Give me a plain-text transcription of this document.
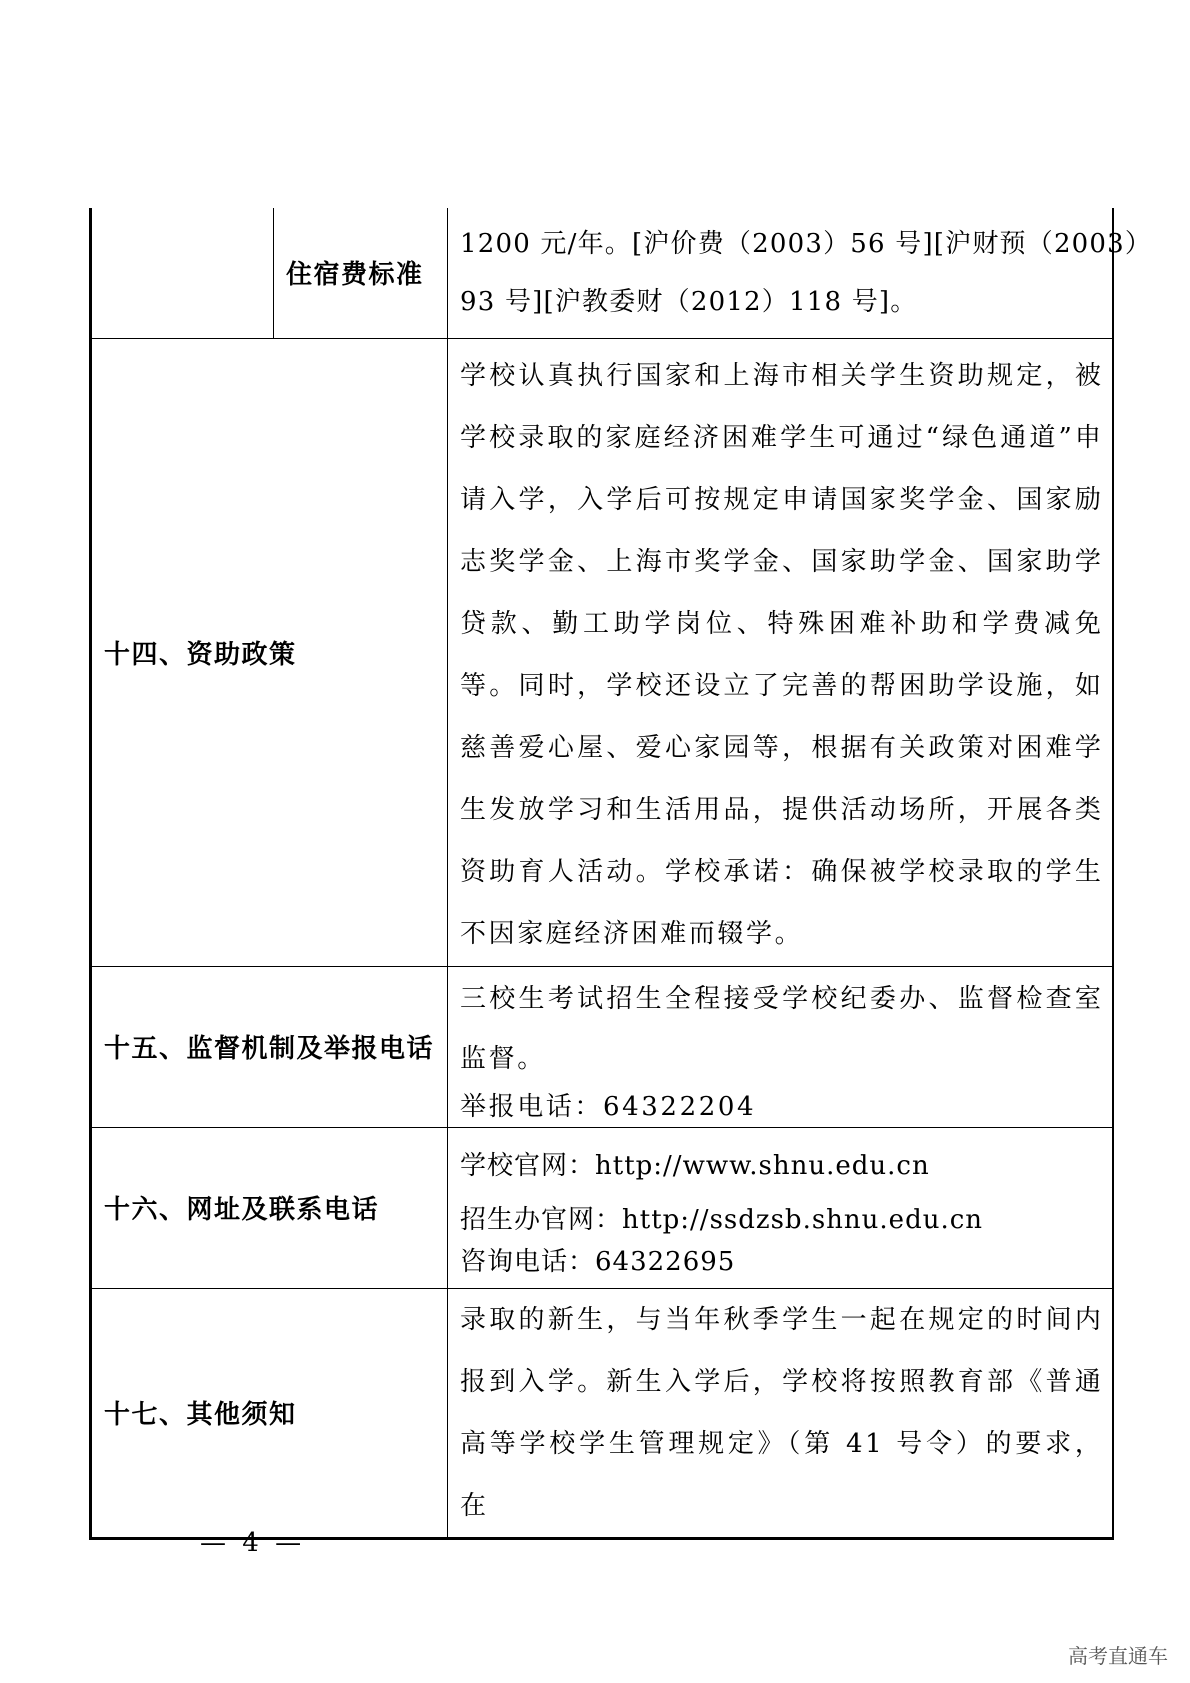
	住宿费标准	1200 元/年。[沪价费（2003）56 号][沪财预（2003）

93 号][沪教委财（2012）118 号]。

十四、资助政策		学校认真执行国家和上海市相关学生资助规定，被学校录取的家庭经济困难学生可通过“绿色通道”申请入学，入学后可按规定申请国家奖学金、国家励志奖学金、上海市奖学金、国家助学金、国家助学贷款、勤工助学岗位、特殊困难补助和学费减免等。同时，学校还设立了完善的帮困助学设施，如慈善爱心屋、爱心家园等，根据有关政策对困难学生发放学习和生活用品，提供活动场所，开展各类资助育人活动。学校承诺：确保被学校录取的学生不因家庭经济困难而辍学。

十五、监督机制及举报电话		三校生考试招生全程接受学校纪委办、监督检查室监督。

举报电话：64322204

十六、网址及联系电话		学校官网：http://www.shnu.edu.cn

招生办官网：http://ssdzsb.shnu.edu.cn

咨询电话：64322695

十七、其他须知		录取的新生，与当年秋季学生一起在规定的时间内报到入学。新生入学后，学校将按照教育部《普通高等学校学生管理规定》（第 41 号令）的要求，在
— 4 —
高考直通车
